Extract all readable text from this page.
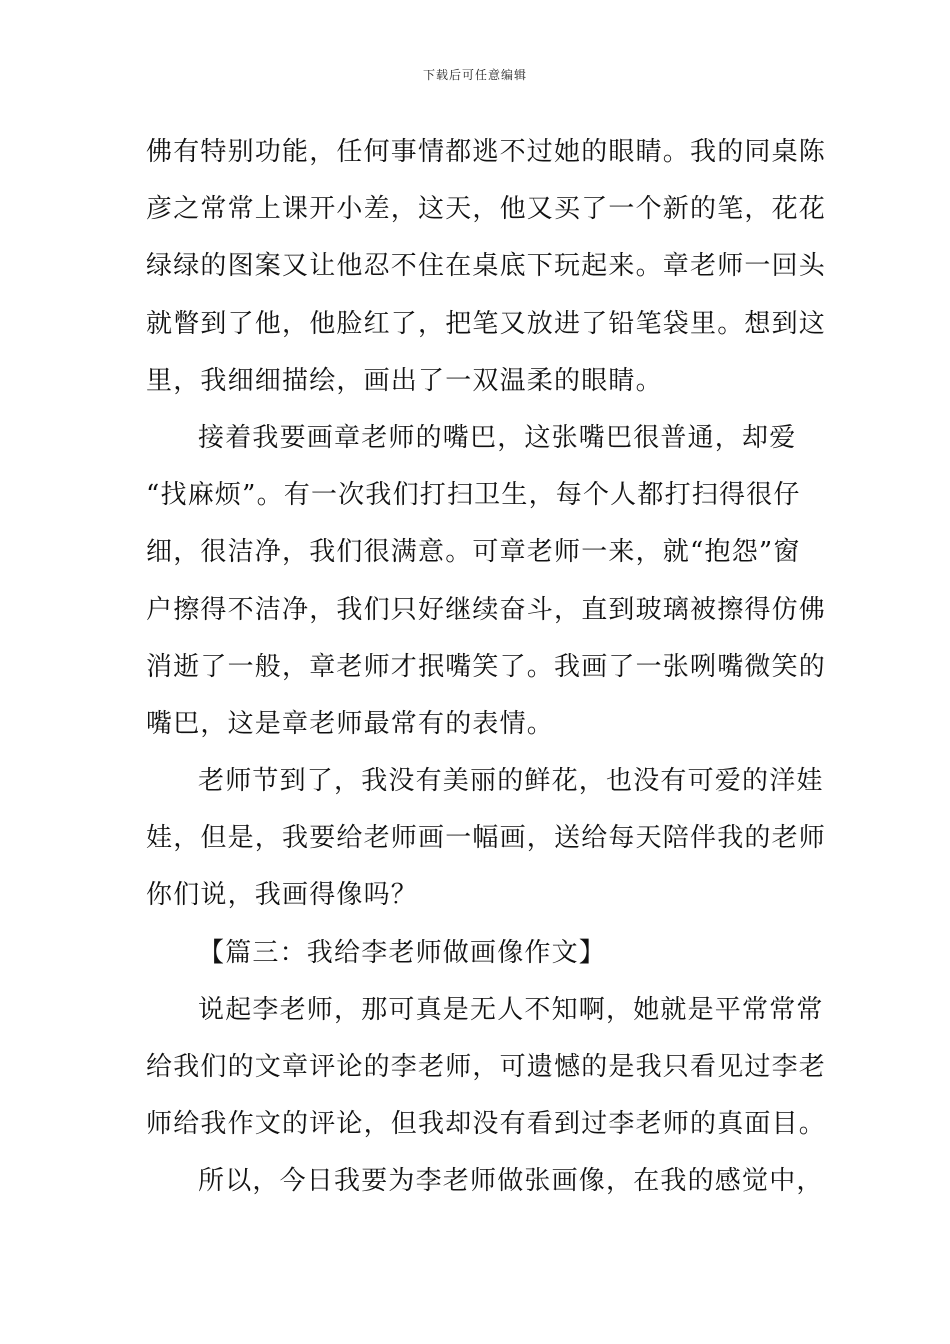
下载后可任意编辑
佛有特别功能，任何事情都逃不过她的眼睛。我的同桌陈
彦之常常上课开小差，这天，他又买了一个新的笔，花花
绿绿的图案又让他忍不住在桌底下玩起来。章老师一回头
就瞥到了他，他脸红了，把笔又放进了铅笔袋里。想到这
里，我细细描绘，画出了一双温柔的眼睛。
接着我要画章老师的嘴巴，这张嘴巴很普通，却爱
“找麻烦”。有一次我们打扫卫生，每个人都打扫得很仔
细，很洁净，我们很满意。可章老师一来，就“抱怨”窗
户擦得不洁净，我们只好继续奋斗，直到玻璃被擦得仿佛
消逝了一般，章老师才抿嘴笑了。我画了一张咧嘴微笑的
嘴巴，这是章老师最常有的表情。
老师节到了，我没有美丽的鲜花，也没有可爱的洋娃
娃，但是，我要给老师画一幅画，送给每天陪伴我的老师
你们说，我画得像吗？
【篇三：我给李老师做画像作文】
说起李老师，那可真是无人不知啊，她就是平常常常
给我们的文章评论的李老师，可遗憾的是我只看见过李老
师给我作文的评论，但我却没有看到过李老师的真面目。
所以，今日我要为李老师做张画像，在我的感觉中，
